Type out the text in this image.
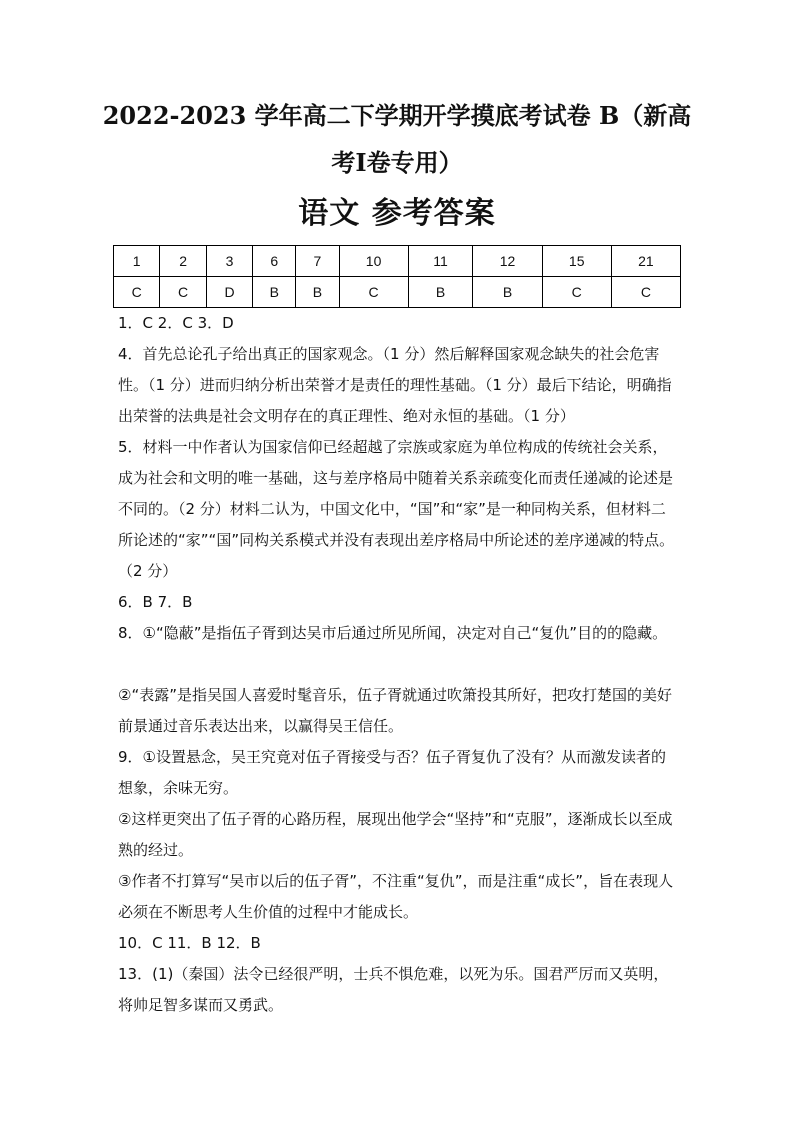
2022-2023 学年高二下学期开学摸底考试卷 B（新高
考Ⅰ卷专用）
语文 参考答案
1	2	3	6	7	10	11	12	15	21
C	C	D	B	B	C	B	B	C	C

1．C 2．C 3．D

4．首先总论孔子给出真正的国家观念。（1 分）然后解释国家观念缺失的社会危害性。（1 分）进而归纳分析出荣誉才是责任的理性基础。（1 分）最后下结论，明确指出荣誉的法典是社会文明存在的真正理性、绝对永恒的基础。（1 分）

5．材料一中作者认为国家信仰已经超越了宗族或家庭为单位构成的传统社会关系，成为社会和文明的唯一基础，这与差序格局中随着关系亲疏变化而责任递减的论述是不同的。（2 分）材料二认为，中国文化中，“国”和“家”是一种同构关系，但材料二所论述的“家”“国”同构关系模式并没有表现出差序格局中所论述的差序递减的特点。（2 分）

6．B 7．B

8．①“隐蔽”是指伍子胥到达吴市后通过所见所闻，决定对自己“复仇”目的的隐藏。

②“表露”是指吴国人喜爱时髦音乐，伍子胥就通过吹箫投其所好，把攻打楚国的美好前景通过音乐表达出来，以赢得吴王信任。

9．①设置悬念，吴王究竟对伍子胥接受与否？伍子胥复仇了没有？从而激发读者的想象，余味无穷。

②这样更突出了伍子胥的心路历程，展现出他学会“坚持”和“克服”，逐渐成长以至成熟的经过。

③作者不打算写“吴市以后的伍子胥”，不注重“复仇”，而是注重“成长”，旨在表现人必须在不断思考人生价值的过程中才能成长。

10．C 11．B 12．B

13．(1)（秦国）法令已经很严明，士兵不惧危难，以死为乐。国君严厉而又英明，将帅足智多谋而又勇武。
